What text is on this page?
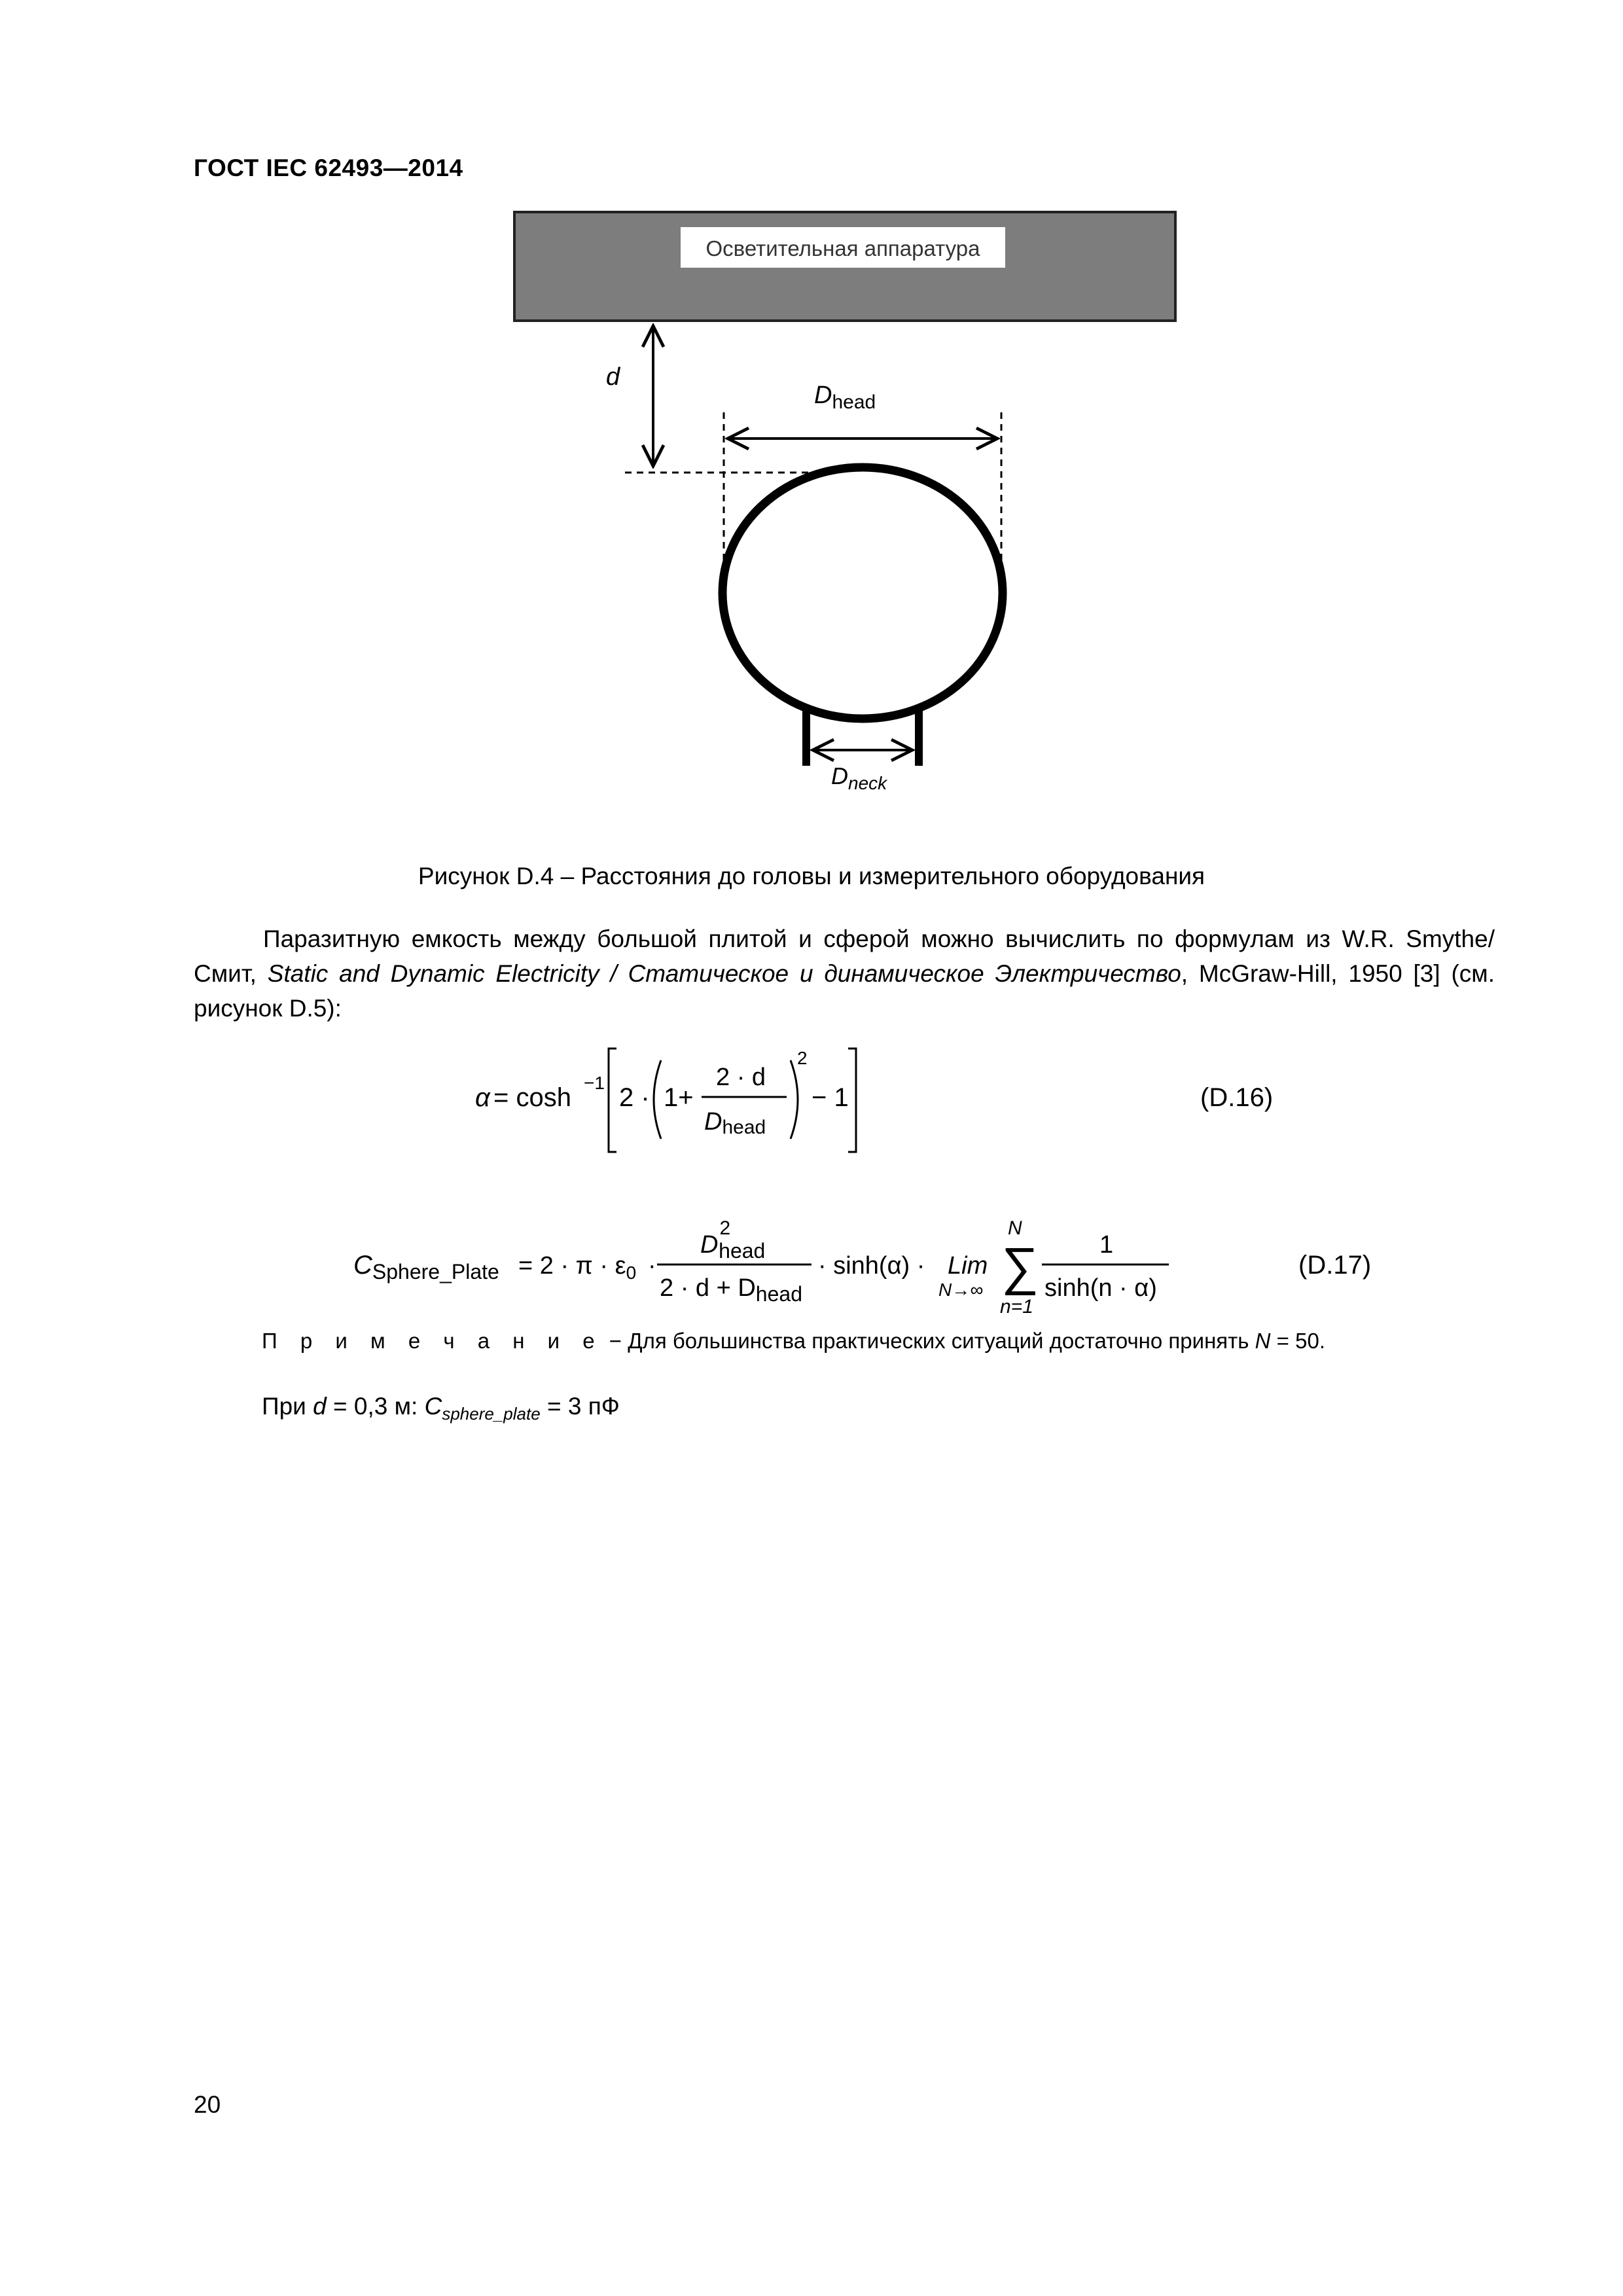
ГОСТ IEC 62493—2014
Осветительная аппаратура
d
$D_{head}$
$D_{neck}$
Рисунок D.4 – Расстояния до головы и измерительного оборудования
Паразитную емкость между большой плитой и сферой можно вычислить по формулам из W.R. Smythe/Смит, Static and Dynamic Electricity / Статическое и динамическое Электричество, McGraw-Hill, 1950 [3] (см. рисунок D.5):
α = cosh
−1
2 · 1+
2 · d
Dhead
2
− 1	(D.16)
$C_{Sphere\_Plate} = 2 \cdot \pi \cdot \varepsilon_0$ ·
$D^2$ head
$2 \cdot d + D_{head}$
· sinh(α) · Lim
N→∞
N
∑
n=1
1
sinh(n · α)
(D.17)
П р и м е ч а н и е − Для большинства практических ситуаций достаточно принять N = 50.
При d = 0,3 м: $C_{sphere\_plate} = 3$ пФ
20
